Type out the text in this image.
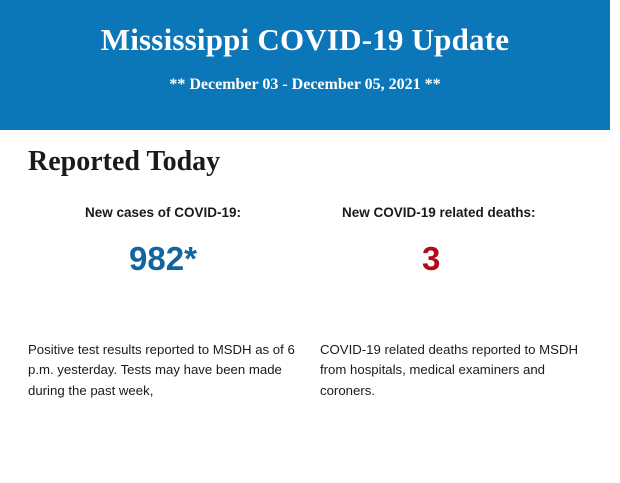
Mississippi COVID-19 Update
** December 03 - December 05, 2021 **
Reported Today
New cases of COVID-19:
982*
New COVID-19 related deaths:
3
Positive test results reported to MSDH as of 6 p.m. yesterday. Tests may have been made during the past week,
COVID-19 related deaths reported to MSDH from hospitals, medical examiners and coroners.
